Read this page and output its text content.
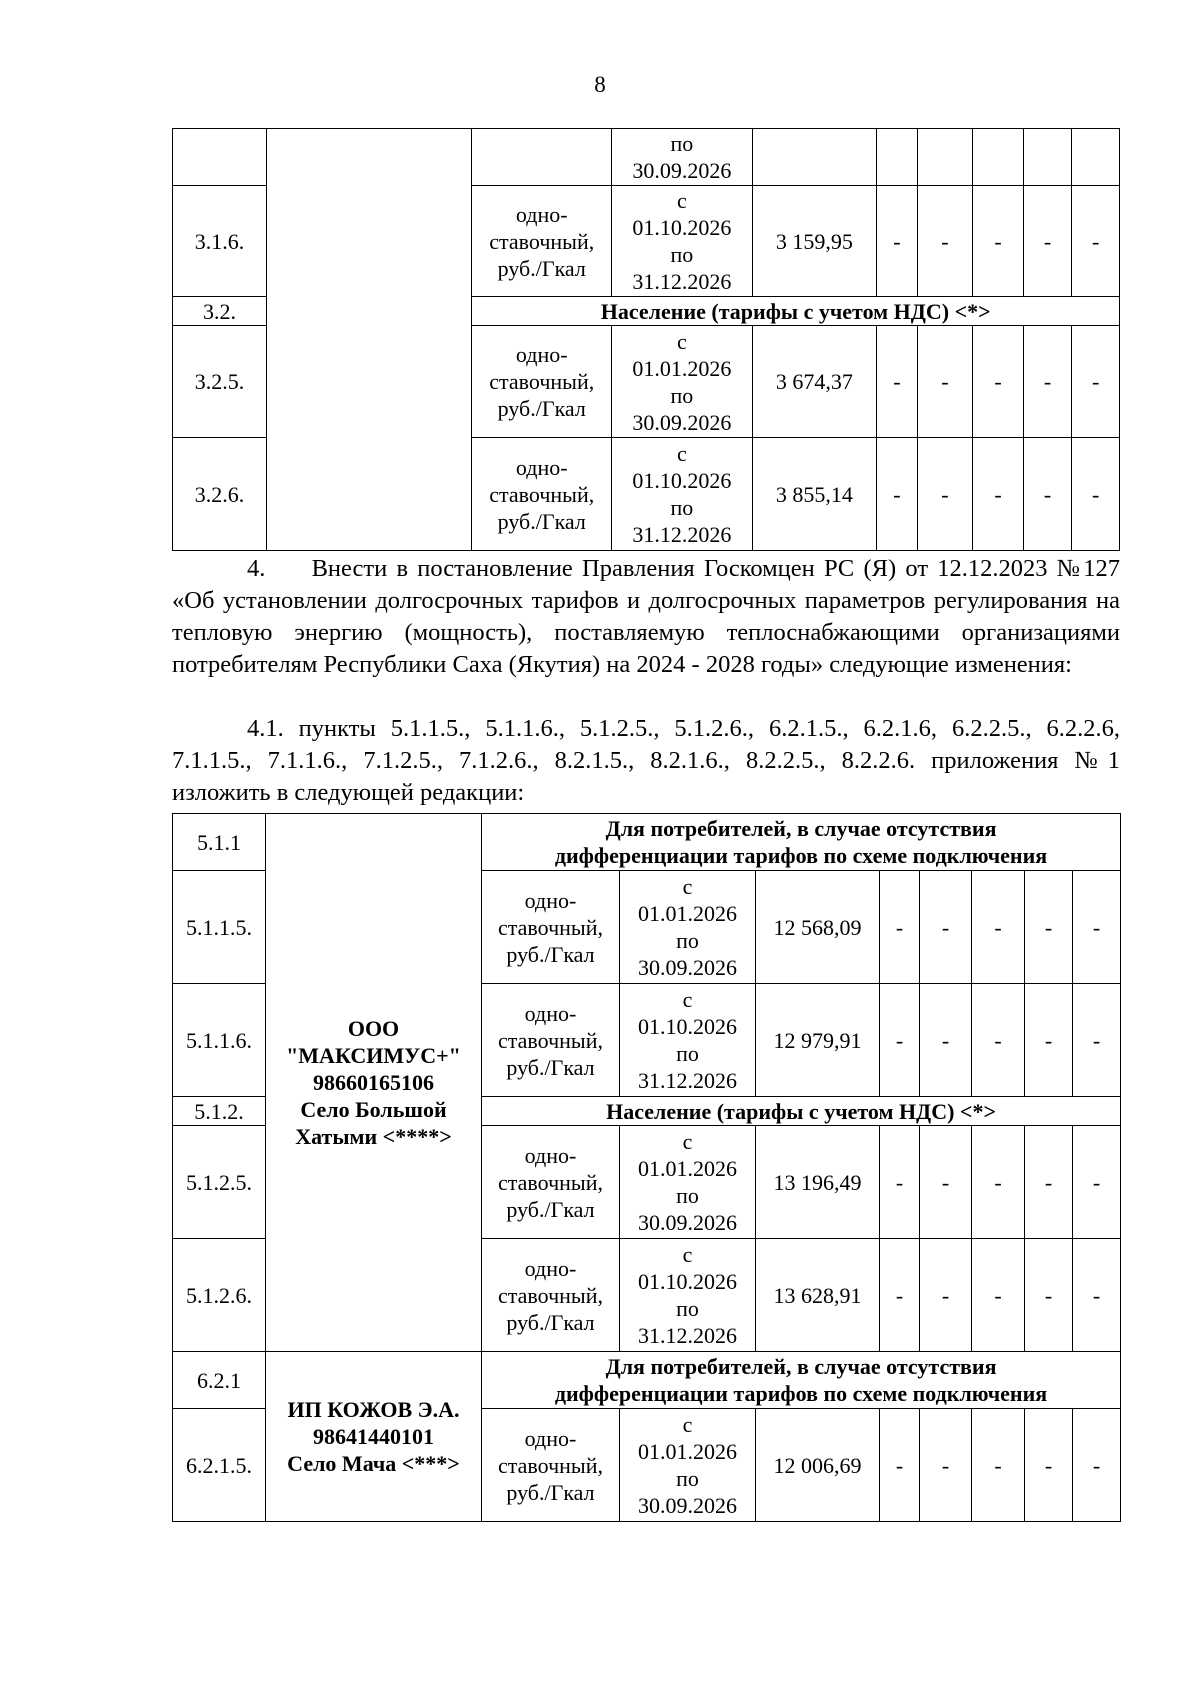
8
			по
30.09.2026						
3.1.6.		одно-
ставочный,
руб./Гкал	с
01.10.2026
по
31.12.2026	3 159,95	-	-	-	-	-
3.2.		Население (тарифы с учетом НДС) <*>							
3.2.5.		одно-
ставочный,
руб./Гкал	с
01.01.2026
по
30.09.2026	3 674,37	-	-	-	-	-
3.2.6.		одно-
ставочный,
руб./Гкал	с
01.10.2026
по
31.12.2026	3 855,14	-	-	-	-	-
4. Внести в постановление Правления Госкомцен РС (Я) от 12.12.2023 №127 «Об установлении долгосрочных тарифов и долгосрочных параметров регулирования на тепловую энергию (мощность), поставляемую теплоснабжающими организациями потребителям Республики Саха (Якутия) на 2024 - 2028 годы» следующие изменения:
4.1. пункты 5.1.1.5., 5.1.1.6., 5.1.2.5., 5.1.2.6., 6.2.1.5., 6.2.1.6, 6.2.2.5., 6.2.2.6, 7.1.1.5., 7.1.1.6., 7.1.2.5., 7.1.2.6., 8.2.1.5., 8.2.1.6., 8.2.2.5., 8.2.2.6. приложения №1 изложить в следующей редакции:
5.1.1	ООО
"МАКСИМУС+"
98660165106
Село Большой
Хатыми <****>	Для потребителей, в случае отсутствия
дифференциации тарифов по схеме подключения							
5.1.1.5.		одно-
ставочный,
руб./Гкал	с
01.01.2026
по
30.09.2026	12 568,09	-	-	-	-	-
5.1.1.6.		одно-
ставочный,
руб./Гкал	с
01.10.2026
по
31.12.2026	12 979,91	-	-	-	-	-
5.1.2.		Население (тарифы с учетом НДС) <*>							
5.1.2.5.		одно-
ставочный,
руб./Гкал	с
01.01.2026
по
30.09.2026	13 196,49	-	-	-	-	-
5.1.2.6.		одно-
ставочный,
руб./Гкал	с
01.10.2026
по
31.12.2026	13 628,91	-	-	-	-	-
6.2.1	ИП КОЖОВ Э.А.
98641440101
Село Мача <***>	Для потребителей, в случае отсутствия
дифференциации тарифов по схеме подключения							
6.2.1.5.		одно-
ставочный,
руб./Гкал	с
01.01.2026
по
30.09.2026	12 006,69	-	-	-	-	-
